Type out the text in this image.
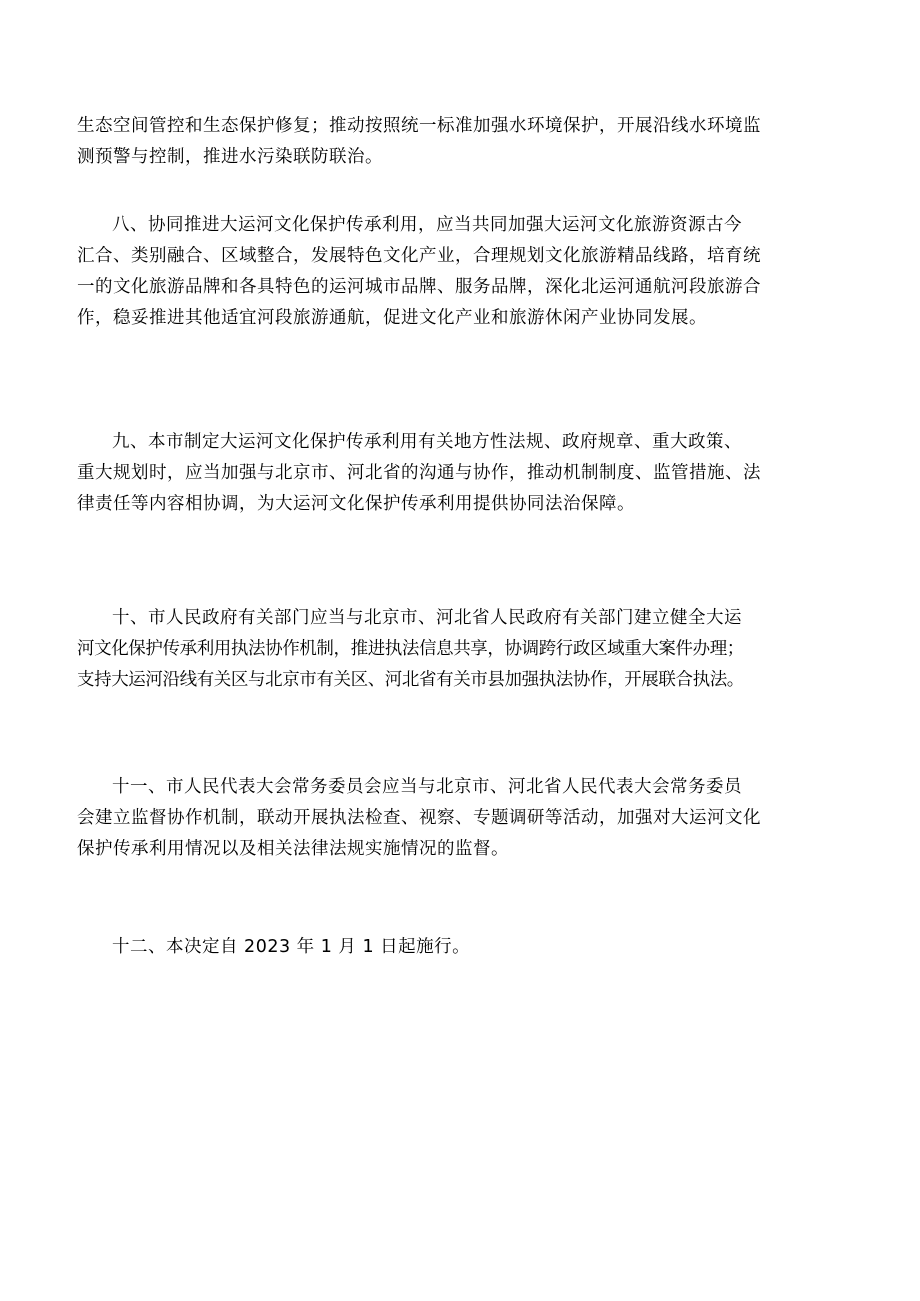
生态空间管控和生态保护修复；推动按照统一标准加强水环境保护，开展沿线水环境监
测预警与控制，推进水污染联防联治。

八、协同推进大运河文化保护传承利用，应当共同加强大运河文化旅游资源古今
汇合、类别融合、区域整合，发展特色文化产业，合理规划文化旅游精品线路，培育统
一的文化旅游品牌和各具特色的运河城市品牌、服务品牌，深化北运河通航河段旅游合
作，稳妥推进其他适宜河段旅游通航，促进文化产业和旅游休闲产业协同发展。

九、本市制定大运河文化保护传承利用有关地方性法规、政府规章、重大政策、
重大规划时，应当加强与北京市、河北省的沟通与协作，推动机制制度、监管措施、法
律责任等内容相协调，为大运河文化保护传承利用提供协同法治保障。

十、市人民政府有关部门应当与北京市、河北省人民政府有关部门建立健全大运
河文化保护传承利用执法协作机制，推进执法信息共享，协调跨行政区域重大案件办理；
支持大运河沿线有关区与北京市有关区、河北省有关市县加强执法协作，开展联合执法。

十一、市人民代表大会常务委员会应当与北京市、河北省人民代表大会常务委员
会建立监督协作机制，联动开展执法检查、视察、专题调研等活动，加强对大运河文化
保护传承利用情况以及相关法律法规实施情况的监督。

十二、本决定自 2023 年 1 月 1 日起施行。
